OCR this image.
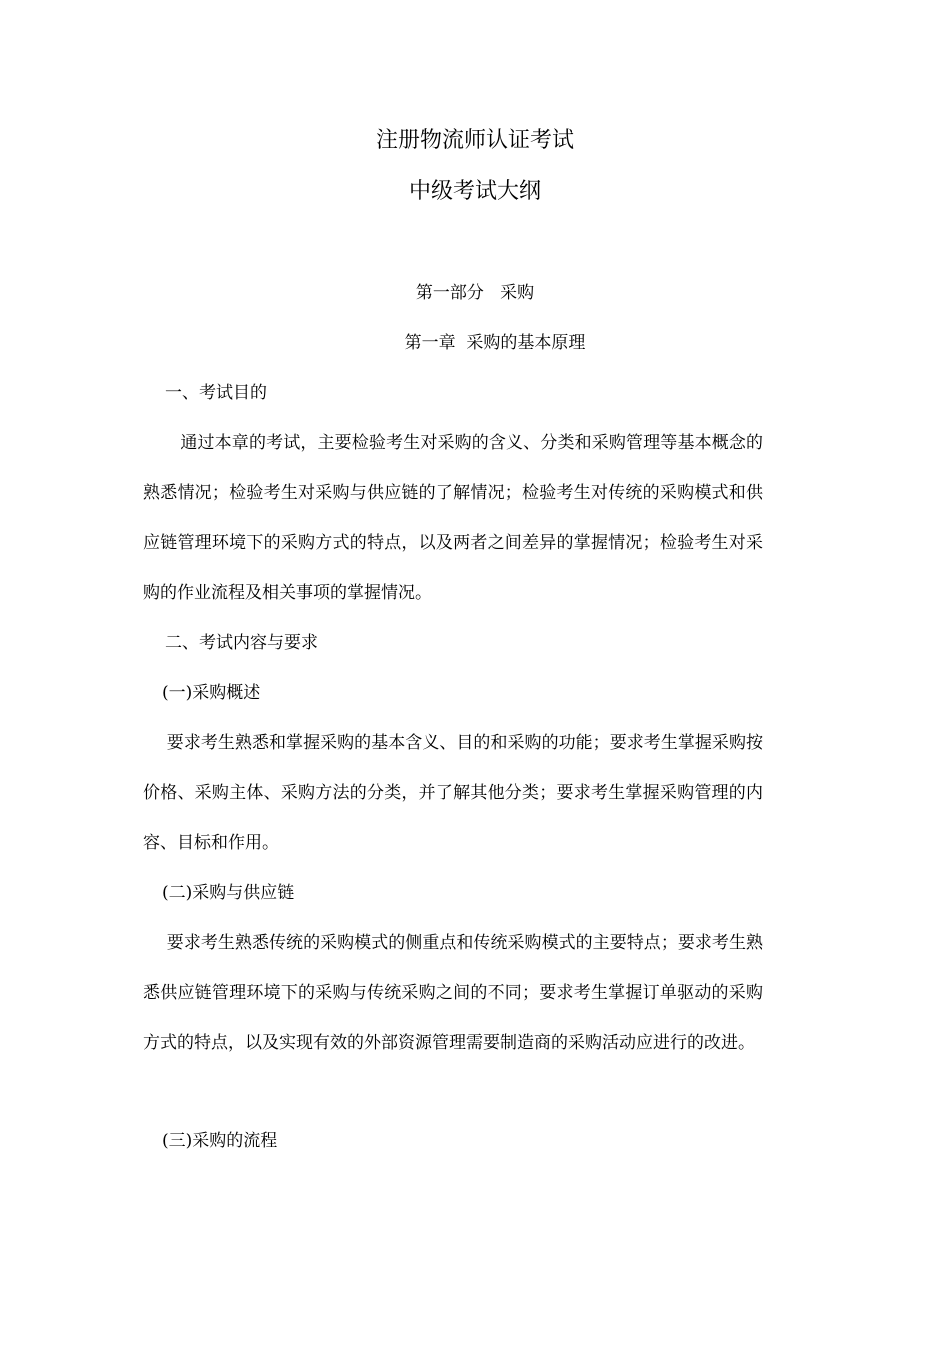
注册物流师认证考试
中级考试大纲
第一部分   采购
第一章  采购的基本原理
一、考试目的
通过本章的考试，主要检验考生对采购的含义、分类和采购管理等基本概念的熟悉情况；检验考生对采购与供应链的了解情况；检验考生对传统的采购模式和供应链管理环境下的采购方式的特点，以及两者之间差异的掌握情况；检验考生对采购的作业流程及相关事项的掌握情况。
二、考试内容与要求
(一)采购概述
要求考生熟悉和掌握采购的基本含义、目的和采购的功能；要求考生掌握采购按价格、采购主体、采购方法的分类，并了解其他分类；要求考生掌握采购管理的内容、目标和作用。
(二)采购与供应链
要求考生熟悉传统的采购模式的侧重点和传统采购模式的主要特点；要求考生熟悉供应链管理环境下的采购与传统采购之间的不同；要求考生掌握订单驱动的采购方式的特点，以及实现有效的外部资源管理需要制造商的采购活动应进行的改进。
(三)采购的流程
